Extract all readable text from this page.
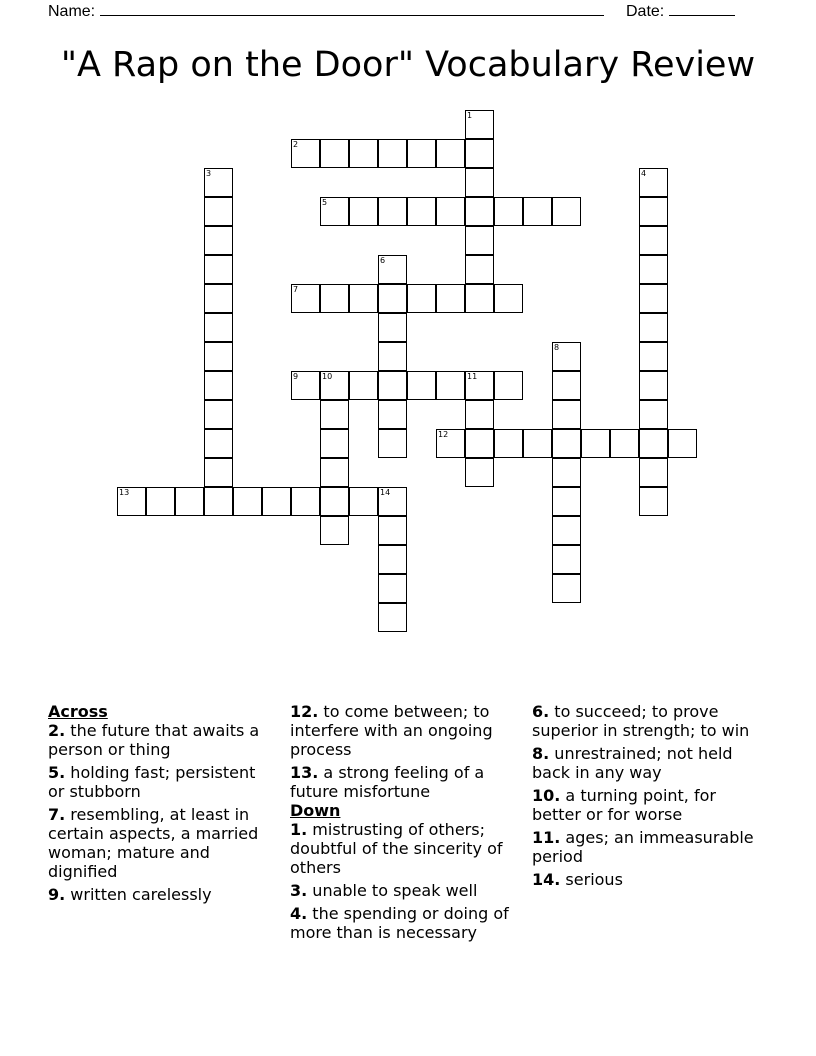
Name:	Date:
"A Rap on the Door" Vocabulary Review
1
2
3	4
5
6
7
8
9	10	11
12
13	14
Across
2. the future that awaits a person or thing
5. holding fast; persistent or stubborn
7. resembling, at least in certain aspects, a married woman; mature and dignified
9. written carelessly
12. to come between; to interfere with an ongoing process
13. a strong feeling of a future misfortune
Down
1. mistrusting of others; doubtful of the sincerity of others
3. unable to speak well
4. the spending or doing of more than is necessary
6. to succeed; to prove superior in strength; to win
8. unrestrained; not held back in any way
10. a turning point, for better or for worse
11. ages; an immeasurable period
14. serious
